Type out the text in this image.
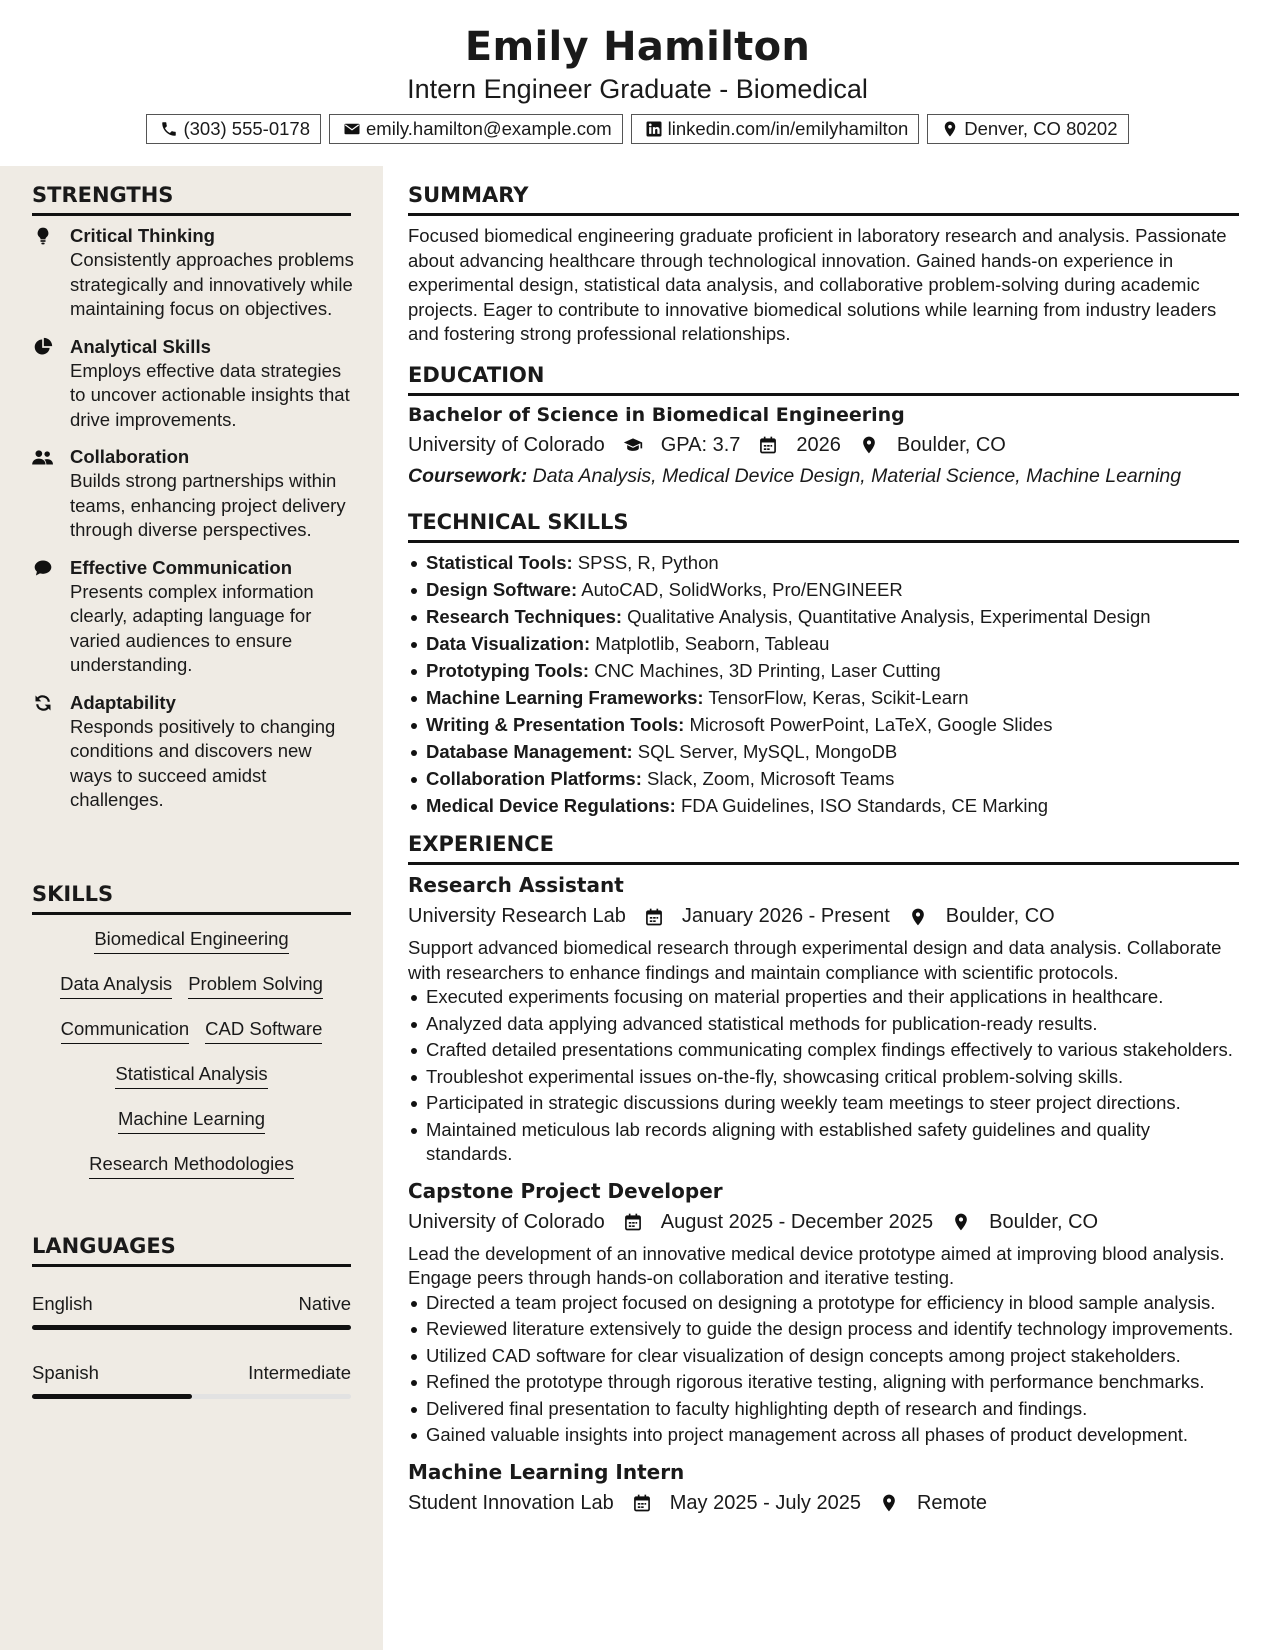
Emily Hamilton
Intern Engineer Graduate - Biomedical
(303) 555-0178	emily.hamilton@example.com	linkedin.com/in/emilyhamilton	Denver, CO 80202
STRENGTHS
Critical Thinking
Consistently approaches problems strategically and innovatively while maintaining focus on objectives.
Analytical Skills
Employs effective data strategies to uncover actionable insights that drive improvements.
Collaboration
Builds strong partnerships within teams, enhancing project delivery through diverse perspectives.
Effective Communication
Presents complex information clearly, adapting language for varied audiences to ensure understanding.
Adaptability
Responds positively to changing conditions and discovers new ways to succeed amidst challenges.
SKILLS
Biomedical Engineering
Data Analysis Problem Solving
Communication CAD Software
Statistical Analysis
Machine Learning
Research Methodologies
LANGUAGES
English	Native
Spanish	Intermediate
SUMMARY
Focused biomedical engineering graduate proficient in laboratory research and analysis. Passionate about advancing healthcare through technological innovation. Gained hands-on experience in experimental design, statistical data analysis, and collaborative problem-solving during academic projects. Eager to contribute to innovative biomedical solutions while learning from industry leaders and fostering strong professional relationships.
EDUCATION
Bachelor of Science in Biomedical Engineering
University of Colorado	GPA: 3.7	2026	Boulder, CO
Coursework: Data Analysis, Medical Device Design, Material Science, Machine Learning
TECHNICAL SKILLS
Statistical Tools: SPSS, R, Python
Design Software: AutoCAD, SolidWorks, Pro/ENGINEER
Research Techniques: Qualitative Analysis, Quantitative Analysis, Experimental Design
Data Visualization: Matplotlib, Seaborn, Tableau
Prototyping Tools: CNC Machines, 3D Printing, Laser Cutting
Machine Learning Frameworks: TensorFlow, Keras, Scikit-Learn
Writing & Presentation Tools: Microsoft PowerPoint, LaTeX, Google Slides
Database Management: SQL Server, MySQL, MongoDB
Collaboration Platforms: Slack, Zoom, Microsoft Teams
Medical Device Regulations: FDA Guidelines, ISO Standards, CE Marking
EXPERIENCE
Research Assistant
University Research Lab	January 2026 - Present	Boulder, CO
Support advanced biomedical research through experimental design and data analysis. Collaborate with researchers to enhance findings and maintain compliance with scientific protocols.
Executed experiments focusing on material properties and their applications in healthcare.
Analyzed data applying advanced statistical methods for publication-ready results.
Crafted detailed presentations communicating complex findings effectively to various stakeholders.
Troubleshot experimental issues on-the-fly, showcasing critical problem-solving skills.
Participated in strategic discussions during weekly team meetings to steer project directions.
Maintained meticulous lab records aligning with established safety guidelines and quality standards.
Capstone Project Developer
University of Colorado	August 2025 - December 2025	Boulder, CO
Lead the development of an innovative medical device prototype aimed at improving blood analysis. Engage peers through hands-on collaboration and iterative testing.
Directed a team project focused on designing a prototype for efficiency in blood sample analysis.
Reviewed literature extensively to guide the design process and identify technology improvements.
Utilized CAD software for clear visualization of design concepts among project stakeholders.
Refined the prototype through rigorous iterative testing, aligning with performance benchmarks.
Delivered final presentation to faculty highlighting depth of research and findings.
Gained valuable insights into project management across all phases of product development.
Machine Learning Intern
Student Innovation Lab	May 2025 - July 2025	Remote
